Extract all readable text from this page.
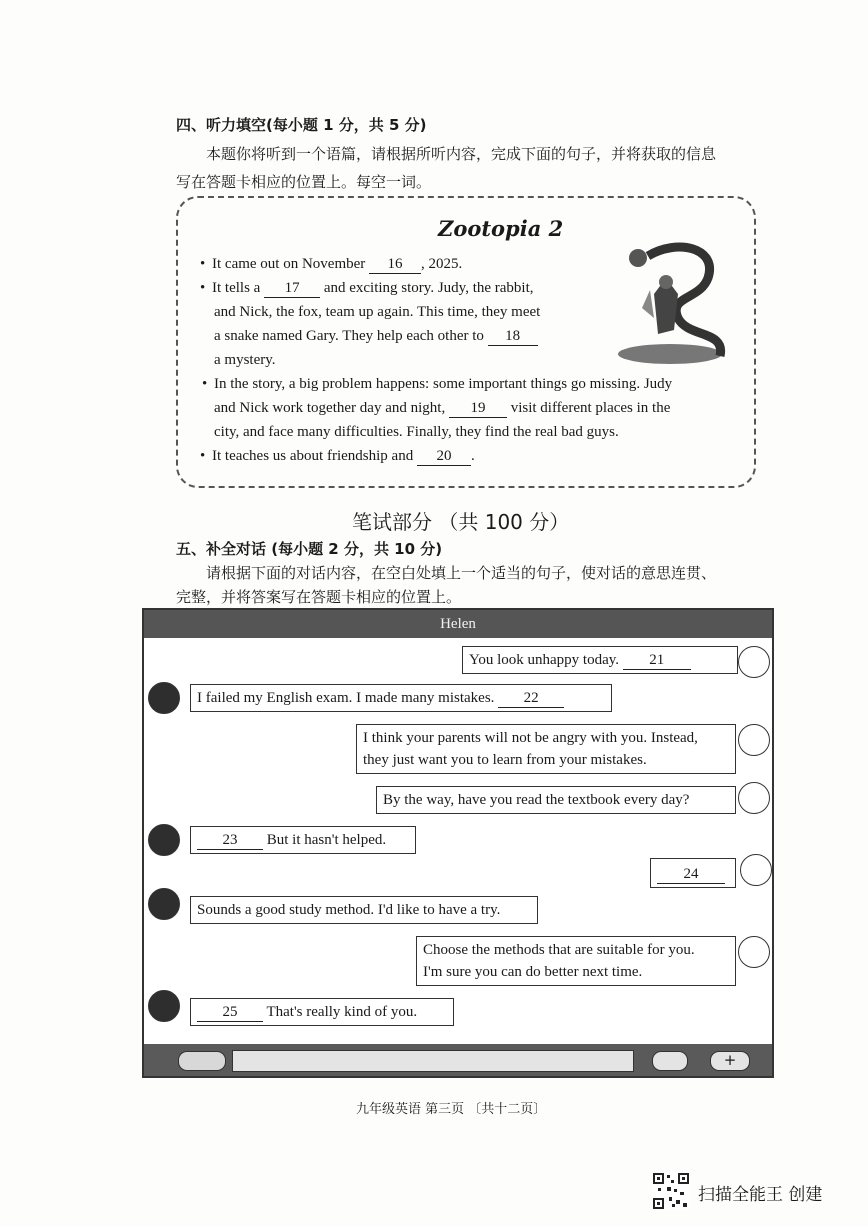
四、听力填空(每小题 1 分，共 5 分)
本题你将听到一个语篇，请根据所听内容，完成下面的句子，并将获取的信息
写在答题卡相应的位置上。每空一词。
Zootopia 2
• It came out on November 16 , 2025.
• It tells a 17 and exciting story. Judy, the rabbit,
and Nick, the fox, team up again. This time, they meet
a snake named Gary. They help each other to 18
a mystery.
• In the story, a big problem happens: some important things go missing. Judy
and Nick work together day and night, 19 visit different places in the
city, and face many difficulties. Finally, they find the real bad guys.
• It teaches us about friendship and 20 .
笔试部分 （共 100 分）
五、补全对话 (每小题 2 分，共 10 分)
请根据下面的对话内容，在空白处填上一个适当的句子，使对话的意思连贯、
完整，并将答案写在答题卡相应的位置上。
Helen
You look unhappy today. 21
I failed my English exam. I made many mistakes. 22
I think your parents will not be angry with you. Instead,
they just want you to learn from your mistakes.
By the way, have you read the textbook every day?
23 But it hasn't helped.
24
Sounds a good study method. I'd like to have a try.
Choose the methods that are suitable for you.
I'm sure you can do better next time.
25 That's really kind of you.
+
九年级英语 第三页 〔共十二页〕
扫描全能王 创建
